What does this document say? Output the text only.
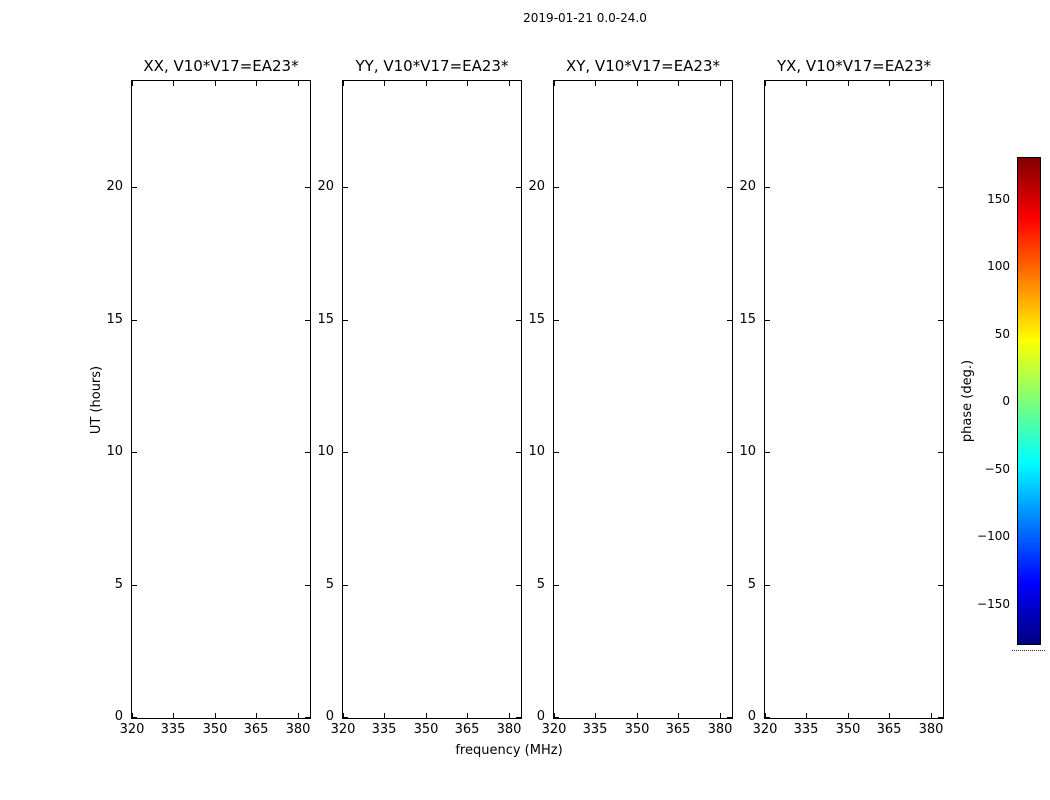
2019-01-21 0.0-24.0
XX, V10*V17=EA23*
320	335	350	365	380
0
5
10
15
20
YY, V10*V17=EA23*
320	335	350	365	380
0
5
10
15
20
XY, V10*V17=EA23*
320	335	350	365	380
0
5
10
15
20
YX, V10*V17=EA23*
320	335	350	365	380
0
5
10
15
20
150
100
50
0
−50
−100
−150
frequency (MHz)
UT (hours)	phase (deg.)
